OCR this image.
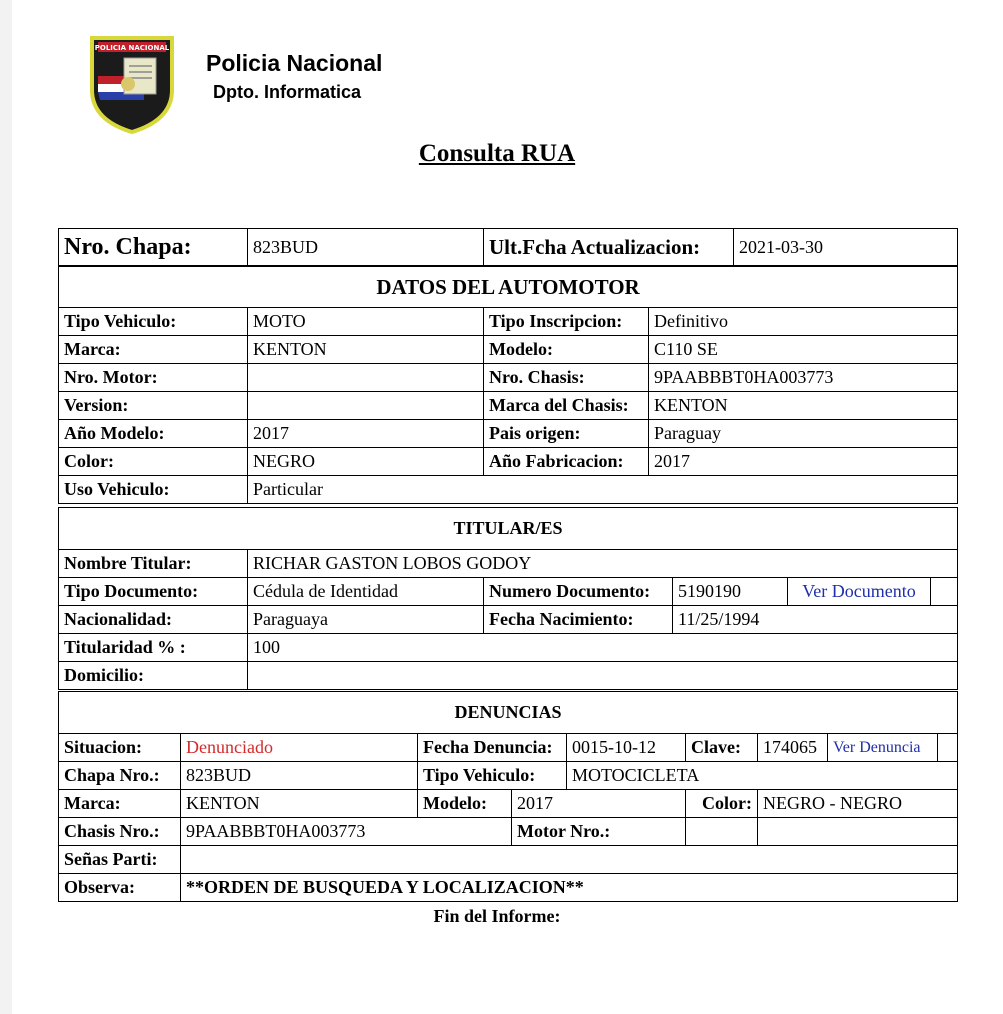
POLICIA NACIONAL
Policia Nacional
Dpto. Informatica
Consulta RUA
Nro. Chapa:	823BUD	Ult.Fcha Actualizacion:	2021-03-30
DATOS DEL AUTOMOTOR			
Tipo Vehiculo:	MOTO	Tipo Inscripcion:	Definitivo
Marca:	KENTON	Modelo:	C110 SE
Nro. Motor:		Nro. Chasis:	9PAABBBT0HA003773
Version:		Marca del Chasis:	KENTON
Año Modelo:	2017	Pais origen:	Paraguay
Color:	NEGRO	Año Fabricacion:	2017
Uso Vehiculo:	Particular		
TITULAR/ES					
Nombre Titular:	RICHAR GASTON LOBOS GODOY				
Tipo Documento:	Cédula de Identidad	Numero Documento:	5190190	Ver Documento	
Nacionalidad:	Paraguaya	Fecha Nacimiento:	11/25/1994		
Titularidad % :	100				
Domicilio:					
DENUNCIAS								
Situacion:	Denunciado	Fecha Denuncia:		0015-10-12	Clave:	174065	Ver Denuncia	
Chapa Nro.:	823BUD	Tipo Vehiculo:		MOTOCICLETA				
Marca:	KENTON	Modelo:	2017		Color:	NEGRO - NEGRO		
Chasis Nro.:	9PAABBBT0HA003773		Motor Nro.:					
Señas Parti:								
Observa:	**ORDEN DE BUSQUEDA Y LOCALIZACION**							
Fin del Informe:
